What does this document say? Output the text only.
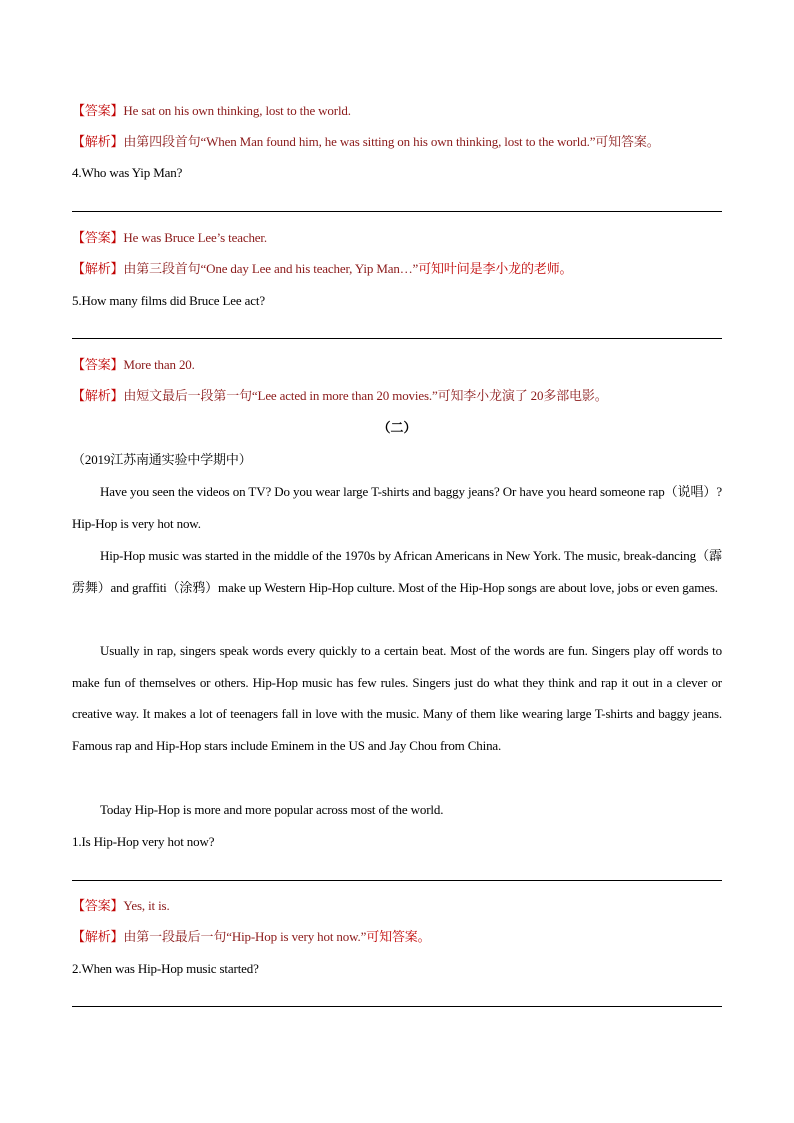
【答案】He sat on his own thinking, lost to the world.
【解析】由第四段首句“When Man found him, he was sitting on his own thinking, lost to the world.”可知答案。
4.Who was Yip Man?
【答案】He was Bruce Lee’s teacher.
【解析】由第三段首句“One day Lee and his teacher, Yip Man…”可知叶问是李小龙的老师。
5.How many films did Bruce Lee act?
【答案】More than 20.
【解析】由短文最后一段第一句“Lee acted in more than 20 movies.”可知李小龙演了 20多部电影。
（二）
（2019江苏南通实验中学期中）
Have you seen the videos on TV? Do you wear large T-shirts and baggy jeans? Or have you heard someone rap（说唱）? Hip-Hop is very hot now.
Hip-Hop music was started in the middle of the 1970s by African Americans in New York. The music, break-dancing（霹雳舞）and graffiti（涂鸦）make up Western Hip-Hop culture. Most of the Hip-Hop songs are about love, jobs or even games.
Usually in rap, singers speak words every quickly to a certain beat. Most of the words are fun. Singers play off words to make fun of themselves or others. Hip-Hop music has few rules. Singers just do what they think and rap it out in a clever or creative way. It makes a lot of teenagers fall in love with the music. Many of them like wearing large T-shirts and baggy jeans. Famous rap and Hip-Hop stars include Eminem in the US and Jay Chou from China.
Today Hip-Hop is more and more popular across most of the world.
1.Is Hip-Hop very hot now?
【答案】Yes, it is.
【解析】由第一段最后一句“Hip-Hop is very hot now.”可知答案。
2.When was Hip-Hop music started?
